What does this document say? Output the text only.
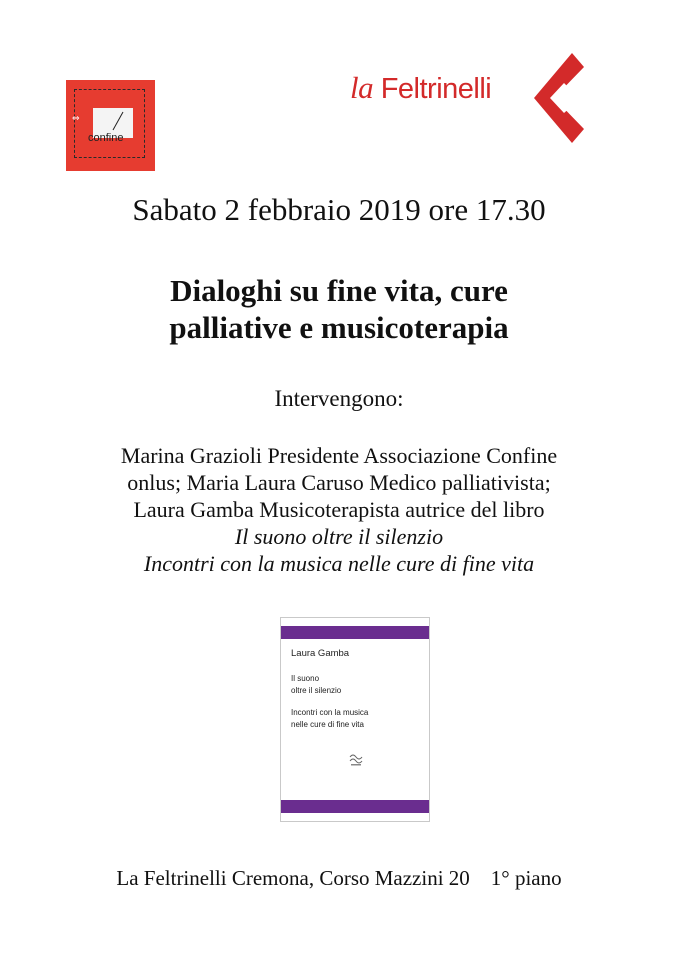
⇔
confine
la Feltrinelli
Sabato 2 febbraio 2019 ore 17.30
Dialoghi su fine vita, cure
palliative e musicoterapia
Intervengono:
Marina Grazioli Presidente Associazione Confine
onlus; Maria Laura Caruso Medico palliativista;
Laura Gamba Musicoterapista autrice del libro
Il suono oltre il silenzio
Incontri con la musica nelle cure di fine vita
Laura Gamba
Il suono
oltre il silenzio
Incontri con la musica
nelle cure di fine vita
La Feltrinelli Cremona, Corso Mazzini 20 1° piano
